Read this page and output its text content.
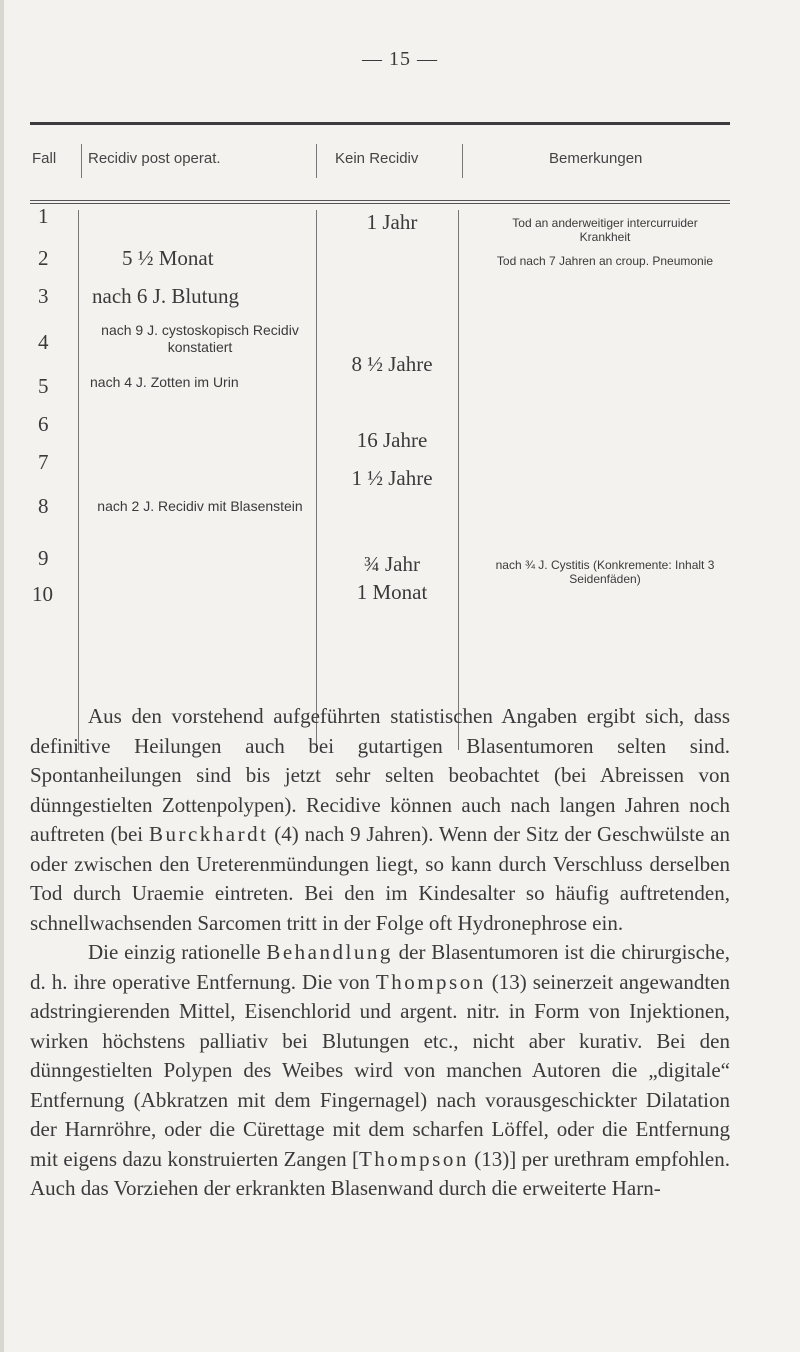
— 15 —
Fall Recidiv post operat.	Kein Recidiv	Bemerkungen
1
2
3
4
5
6
7
8
9
10
5 ½ Monat
nach 6 J. Blutung
nach 9 J. cystoskopisch Recidiv konstatiert
nach 4 J. Zotten im Urin
nach 2 J. Recidiv mit Blasenstein
1 Jahr
8 ½ Jahre
16 Jahre
1 ½ Jahre
¾ Jahr
1 Monat
Tod an anderweitiger intercurruider Krankheit
Tod nach 7 Jahren an croup. Pneumonie
nach ¾ J. Cystitis (Konkremente: Inhalt 3 Seidenfäden)

Aus den vorstehend aufgeführten statistischen Angaben ergibt sich, dass definitive Heilungen auch bei gutartigen Blasentumoren selten sind. Spontanheilungen sind bis jetzt sehr selten beobachtet (bei Abreissen von dünngestielten Zottenpolypen). Recidive können auch nach langen Jahren noch auftreten (bei Burckhardt (4) nach 9 Jahren). Wenn der Sitz der Geschwülste an oder zwischen den Ureterenmündungen liegt, so kann durch Verschluss derselben Tod durch Uraemie eintreten. Bei den im Kindesalter so häufig auftretenden, schnellwachsenden Sarcomen tritt in der Folge oft Hydronephrose ein.

Die einzig rationelle Behandlung der Blasentumoren ist die chirurgische, d. h. ihre operative Entfernung. Die von Thompson (13) seinerzeit angewandten adstringierenden Mittel, Eisenchlorid und argent. nitr. in Form von Injektionen, wirken höchstens palliativ bei Blutungen etc., nicht aber kurativ. Bei den dünngestielten Polypen des Weibes wird von manchen Autoren die „digitale“ Entfernung (Abkratzen mit dem Fingernagel) nach vorausgeschickter Dilatation der Harnröhre, oder die Cürettage mit dem scharfen Löffel, oder die Entfernung mit eigens dazu konstruierten Zangen [Thompson (13)] per urethram empfohlen. Auch das Vorziehen der erkrankten Blasenwand durch die erweiterte Harn-
